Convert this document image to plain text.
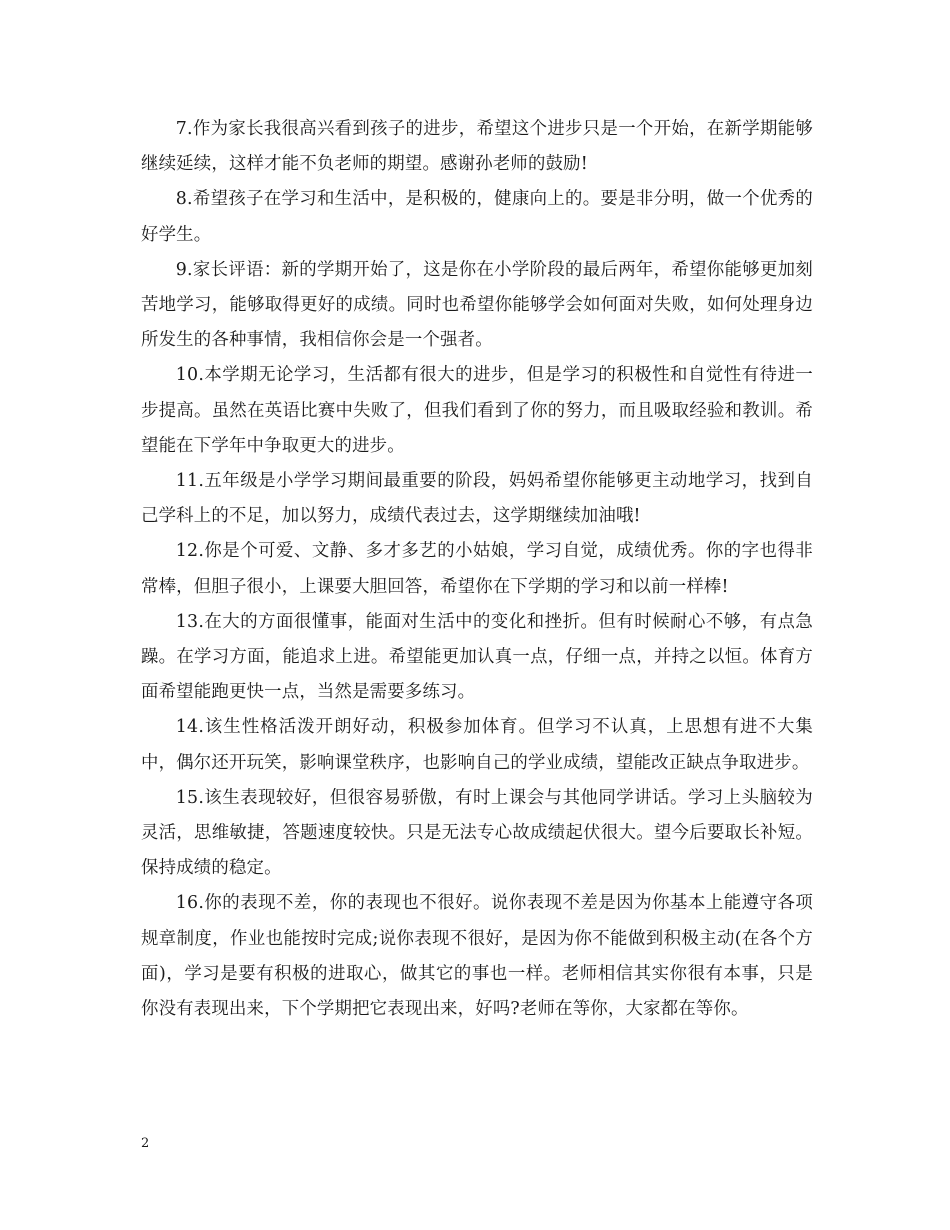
7.作为家长我很高兴看到孩子的进步，希望这个进步只是一个开始，在新学期能够继续延续，这样才能不负老师的期望。感谢孙老师的鼓励!

8.希望孩子在学习和生活中，是积极的，健康向上的。要是非分明，做一个优秀的好学生。

9.家长评语：新的学期开始了，这是你在小学阶段的最后两年，希望你能够更加刻苦地学习，能够取得更好的成绩。同时也希望你能够学会如何面对失败，如何处理身边所发生的各种事情，我相信你会是一个强者。

10.本学期无论学习，生活都有很大的进步，但是学习的积极性和自觉性有待进一步提高。虽然在英语比赛中失败了，但我们看到了你的努力，而且吸取经验和教训。希望能在下学年中争取更大的进步。

11.五年级是小学学习期间最重要的阶段，妈妈希望你能够更主动地学习，找到自己学科上的不足，加以努力，成绩代表过去，这学期继续加油哦!

12.你是个可爱、文静、多才多艺的小姑娘，学习自觉，成绩优秀。你的字也得非常棒，但胆子很小，上课要大胆回答，希望你在下学期的学习和以前一样棒!

13.在大的方面很懂事，能面对生活中的变化和挫折。但有时候耐心不够，有点急躁。在学习方面，能追求上进。希望能更加认真一点，仔细一点，并持之以恒。体育方面希望能跑更快一点，当然是需要多练习。

14.该生性格活泼开朗好动，积极参加体育。但学习不认真，上思想有进不大集中，偶尔还开玩笑，影响课堂秩序，也影响自己的学业成绩，望能改正缺点争取进步。

15.该生表现较好，但很容易骄傲，有时上课会与其他同学讲话。学习上头脑较为灵活，思维敏捷，答题速度较快。只是无法专心故成绩起伏很大。望今后要取长补短。保持成绩的稳定。

16.你的表现不差，你的表现也不很好。说你表现不差是因为你基本上能遵守各项规章制度，作业也能按时完成;说你表现不很好，是因为你不能做到积极主动(在各个方面)，学习是要有积极的进取心，做其它的事也一样。老师相信其实你很有本事，只是你没有表现出来，下个学期把它表现出来，好吗?老师在等你，大家都在等你。

2
